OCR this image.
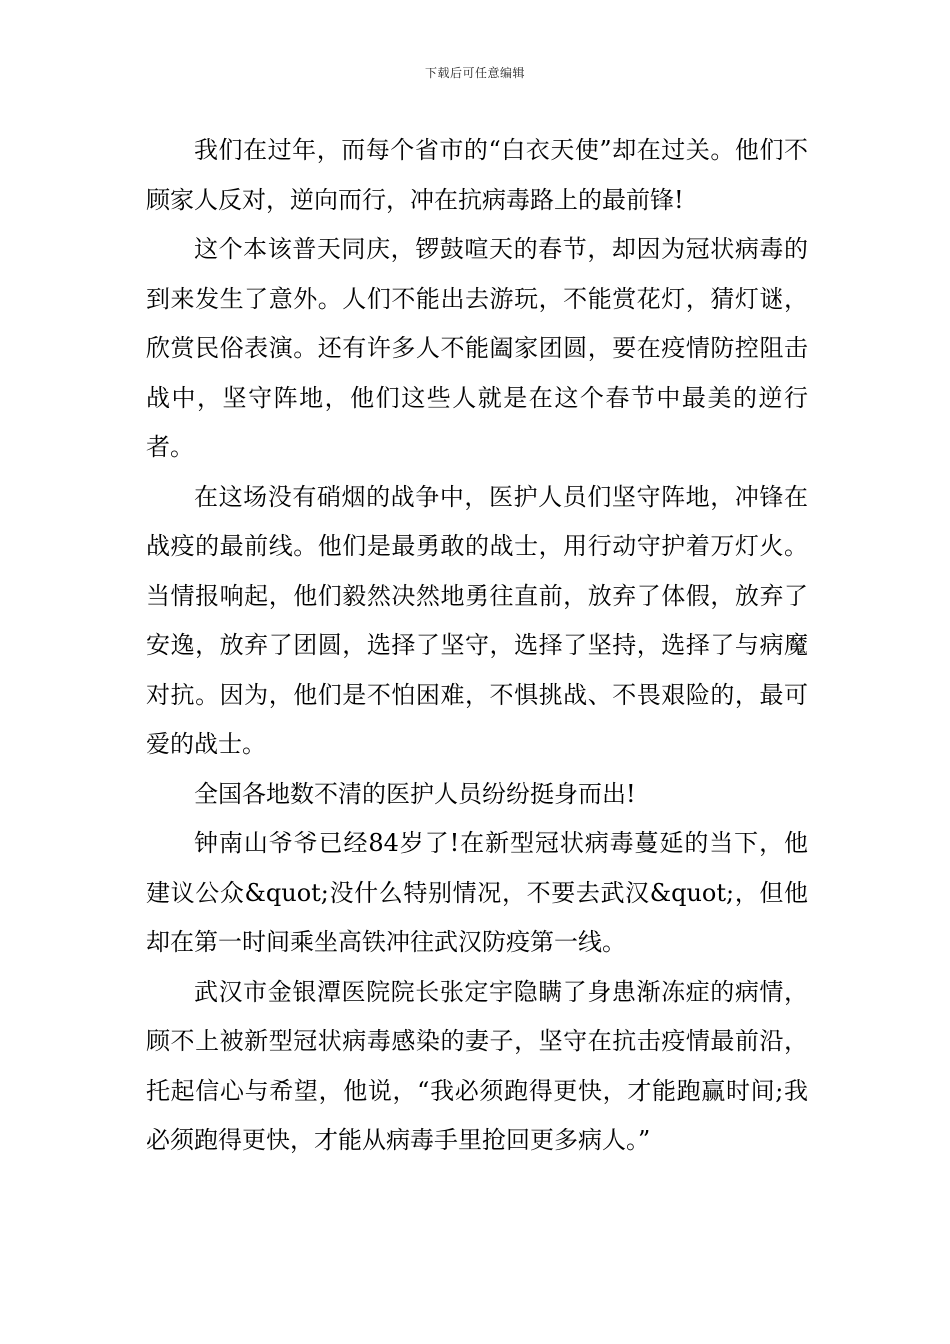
下载后可任意编辑

我们在过年，而每个省市的“白衣天使”却在过关。他们不顾家人反对，逆向而行，冲在抗病毒路上的最前锋!

这个本该普天同庆，锣鼓喧天的春节，却因为冠状病毒的到来发生了意外。人们不能出去游玩，不能赏花灯，猜灯谜，欣赏民俗表演。还有许多人不能阖家团圆，要在疫情防控阻击战中，坚守阵地，他们这些人就是在这个春节中最美的逆行者。

在这场没有硝烟的战争中，医护人员们坚守阵地，冲锋在战疫的最前线。他们是最勇敢的战士，用行动守护着万灯火。当情报响起，他们毅然决然地勇往直前，放弃了体假，放弃了安逸，放弃了团圆，选择了坚守，选择了坚持，选择了与病魔对抗。因为，他们是不怕困难，不惧挑战、不畏艰险的，最可爱的战士。

全国各地数不清的医护人员纷纷挺身而出!

钟南山爷爷已经84岁了!在新型冠状病毒蔓延的当下，他建议公众&quot;没什么特别情况，不要去武汉&quot;，但他却在第一时间乘坐高铁冲往武汉防疫第一线。

武汉市金银潭医院院长张定宇隐瞒了身患渐冻症的病情，顾不上被新型冠状病毒感染的妻子，坚守在抗击疫情最前沿，托起信心与希望，他说，“我必须跑得更快，才能跑赢时间;我必须跑得更快，才能从病毒手里抢回更多病人。”
